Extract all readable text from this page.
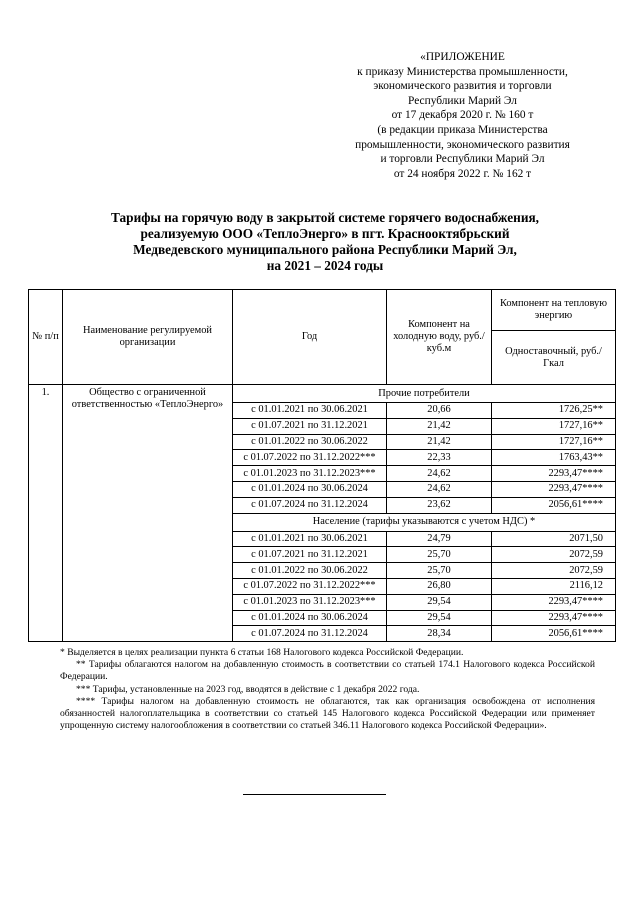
«ПРИЛОЖЕНИЕ
к приказу Министерства промышленности,
экономического развития и торговли
Республики Марий Эл
от 17 декабря 2020 г. № 160 т
(в редакции приказа Министерства
промышленности, экономического развития
и торговли Республики Марий Эл
от 24 ноября 2022 г. № 162 т
Тарифы на горячую воду в закрытой системе горячего водоснабжения,
реализуемую ООО «ТеплоЭнерго» в пгт. Красноoктябрьский
Медведевского муниципального района Республики Марий Эл,
на 2021 – 2024 годы
№ п/п	Наименование регулируемой организации	Год	Компонент на холодную воду, руб./куб.м	Компонент на тепловую энергию
				Одноставочный, руб./Гкал
1.	Общество с ограниченной ответственностью «ТеплоЭнерго»	Прочие потребители		
		с 01.01.2021 по 30.06.2021	20,66	1726,25**
		с 01.07.2021 по 31.12.2021	21,42	1727,16**
		с 01.01.2022 по 30.06.2022	21,42	1727,16**
		с 01.07.2022 по 31.12.2022***	22,33	1763,43**
		с 01.01.2023 по 31.12.2023***	24,62	2293,47****
		с 01.01.2024 по 30.06.2024	24,62	2293,47****
		с 01.07.2024 по 31.12.2024	23,62	2056,61****
		Население (тарифы указываются с учетом НДС) *		
		с 01.01.2021 по 30.06.2021	24,79	2071,50
		с 01.07.2021 по 31.12.2021	25,70	2072,59
		с 01.01.2022 по 30.06.2022	25,70	2072,59
		с 01.07.2022 по 31.12.2022***	26,80	2116,12
		с 01.01.2023 по 31.12.2023***	29,54	2293,47****
		с 01.01.2024 по 30.06.2024	29,54	2293,47****
		с 01.07.2024 по 31.12.2024	28,34	2056,61****

* Выделяется в целях реализации пункта 6 статьи 168 Налогового кодекса Российской Федерации.

** Тарифы облагаются налогом на добавленную стоимость в соответствии со статьей 174.1 Налогового кодекса Российской Федерации.

*** Тарифы, установленные на 2023 год, вводятся в действие с 1 декабря 2022 года.

**** Тарифы налогом на добавленную стоимость не облагаются, так как организация освобождена от исполнения обязанностей налогоплательщика в соответствии со статьей 145 Налогового кодекса Российской Федерации или применяет упрощенную систему налогообложения в соответствии со статьей 346.11 Налогового кодекса Российской Федерации».
